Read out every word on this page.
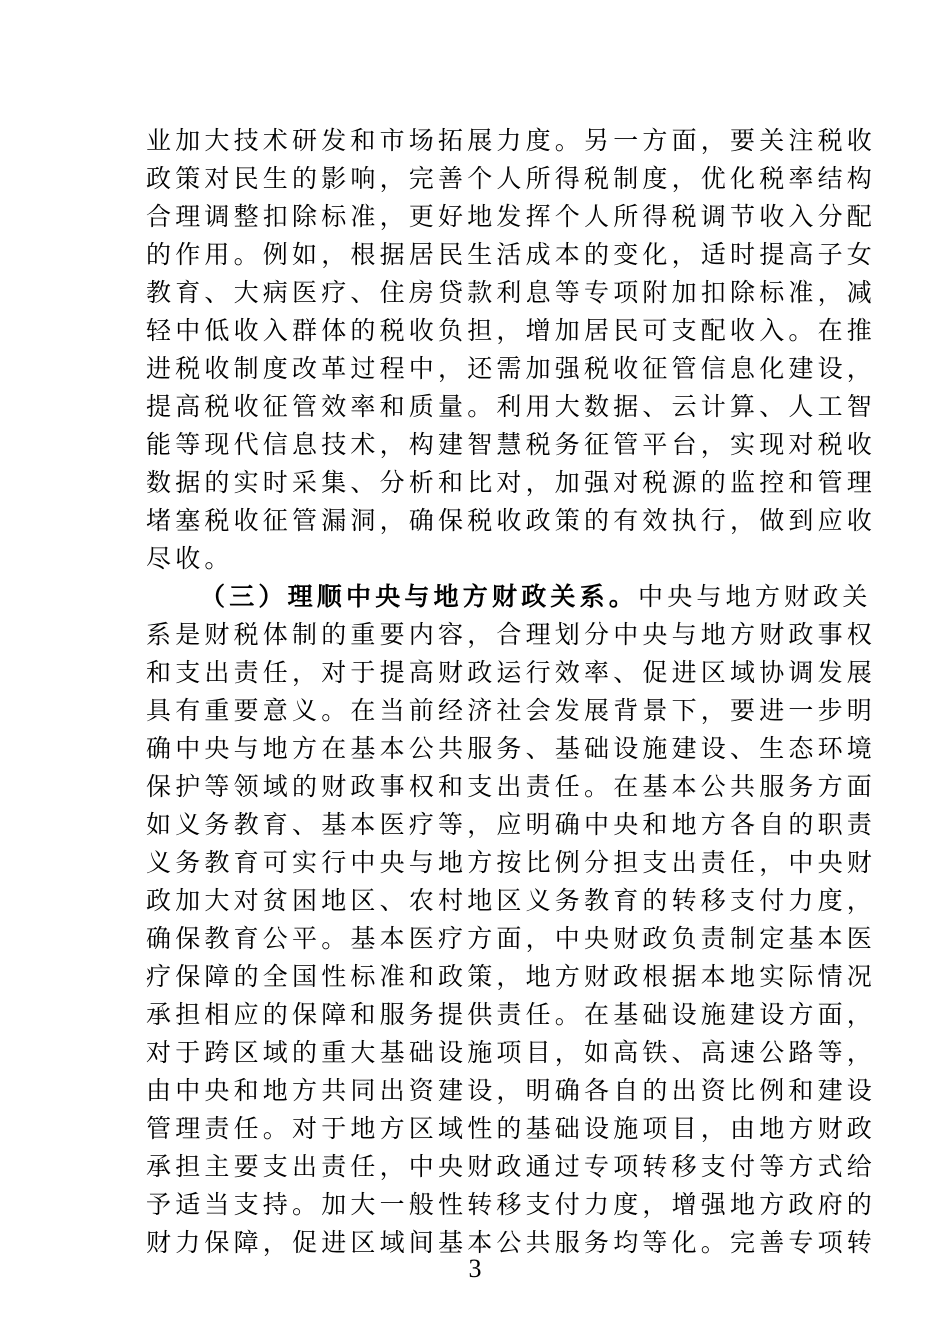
业加大技术研发和市场拓展力度。另一方面，要关注税收
政策对民生的影响，完善个人所得税制度，优化税率结构
合理调整扣除标准，更好地发挥个人所得税调节收入分配
的作用。例如，根据居民生活成本的变化，适时提高子女
教育、大病医疗、住房贷款利息等专项附加扣除标准，减
轻中低收入群体的税收负担，增加居民可支配收入。在推
进税收制度改革过程中，还需加强税收征管信息化建设，
提高税收征管效率和质量。利用大数据、云计算、人工智
能等现代信息技术，构建智慧税务征管平台，实现对税收
数据的实时采集、分析和比对，加强对税源的监控和管理
堵塞税收征管漏洞，确保税收政策的有效执行，做到应收
尽收。
（三）理顺中央与地方财政关系。中央与地方财政关
系是财税体制的重要内容，合理划分中央与地方财政事权
和支出责任，对于提高财政运行效率、促进区域协调发展
具有重要意义。在当前经济社会发展背景下，要进一步明
确中央与地方在基本公共服务、基础设施建设、生态环境
保护等领域的财政事权和支出责任。在基本公共服务方面
如义务教育、基本医疗等，应明确中央和地方各自的职责
义务教育可实行中央与地方按比例分担支出责任，中央财
政加大对贫困地区、农村地区义务教育的转移支付力度，
确保教育公平。基本医疗方面，中央财政负责制定基本医
疗保障的全国性标准和政策，地方财政根据本地实际情况
承担相应的保障和服务提供责任。在基础设施建设方面，
对于跨区域的重大基础设施项目，如高铁、高速公路等，
由中央和地方共同出资建设，明确各自的出资比例和建设
管理责任。对于地方区域性的基础设施项目，由地方财政
承担主要支出责任，中央财政通过专项转移支付等方式给
予适当支持。加大一般性转移支付力度，增强地方政府的
财力保障，促进区域间基本公共服务均等化。完善专项转
3
